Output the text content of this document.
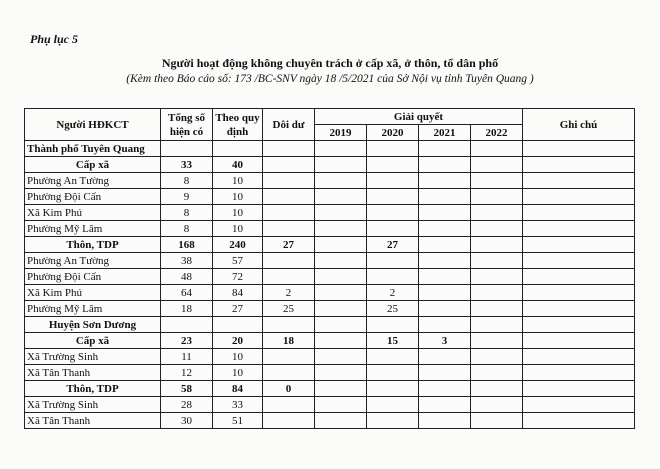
Phụ lục 5
Người hoạt động không chuyên trách ở cấp xã, ở thôn, tổ dân phố
(Kèm theo Báo cáo số: 173 /BC-SNV ngày 18 /5/2021 của Sở Nội vụ tỉnh Tuyên Quang )
Người HĐKCT	Tổng số hiện có	Theo quy định	Dôi dư	Giải quyết				Ghi chú
				2019	2020	2021	2022	
Thành phố Tuyên Quang								
Cấp xã	33	40						
Phường An Tường	8	10						
Phường Đội Cấn	9	10						
Xã Kim Phú	8	10						
Phường Mỹ Lâm	8	10						
Thôn, TDP	168	240	27		27			
Phường An Tường	38	57						
Phường Đội Cấn	48	72						
Xã Kim Phú	64	84	2		2			
Phường Mỹ Lâm	18	27	25		25			
Huyện Sơn Dương								
Cấp xã	23	20	18		15	3		
Xã Trường Sinh	11	10						
Xã Tân Thanh	12	10						
Thôn, TDP	58	84	0					
Xã Trường Sinh	28	33						
Xã Tân Thanh	30	51						
